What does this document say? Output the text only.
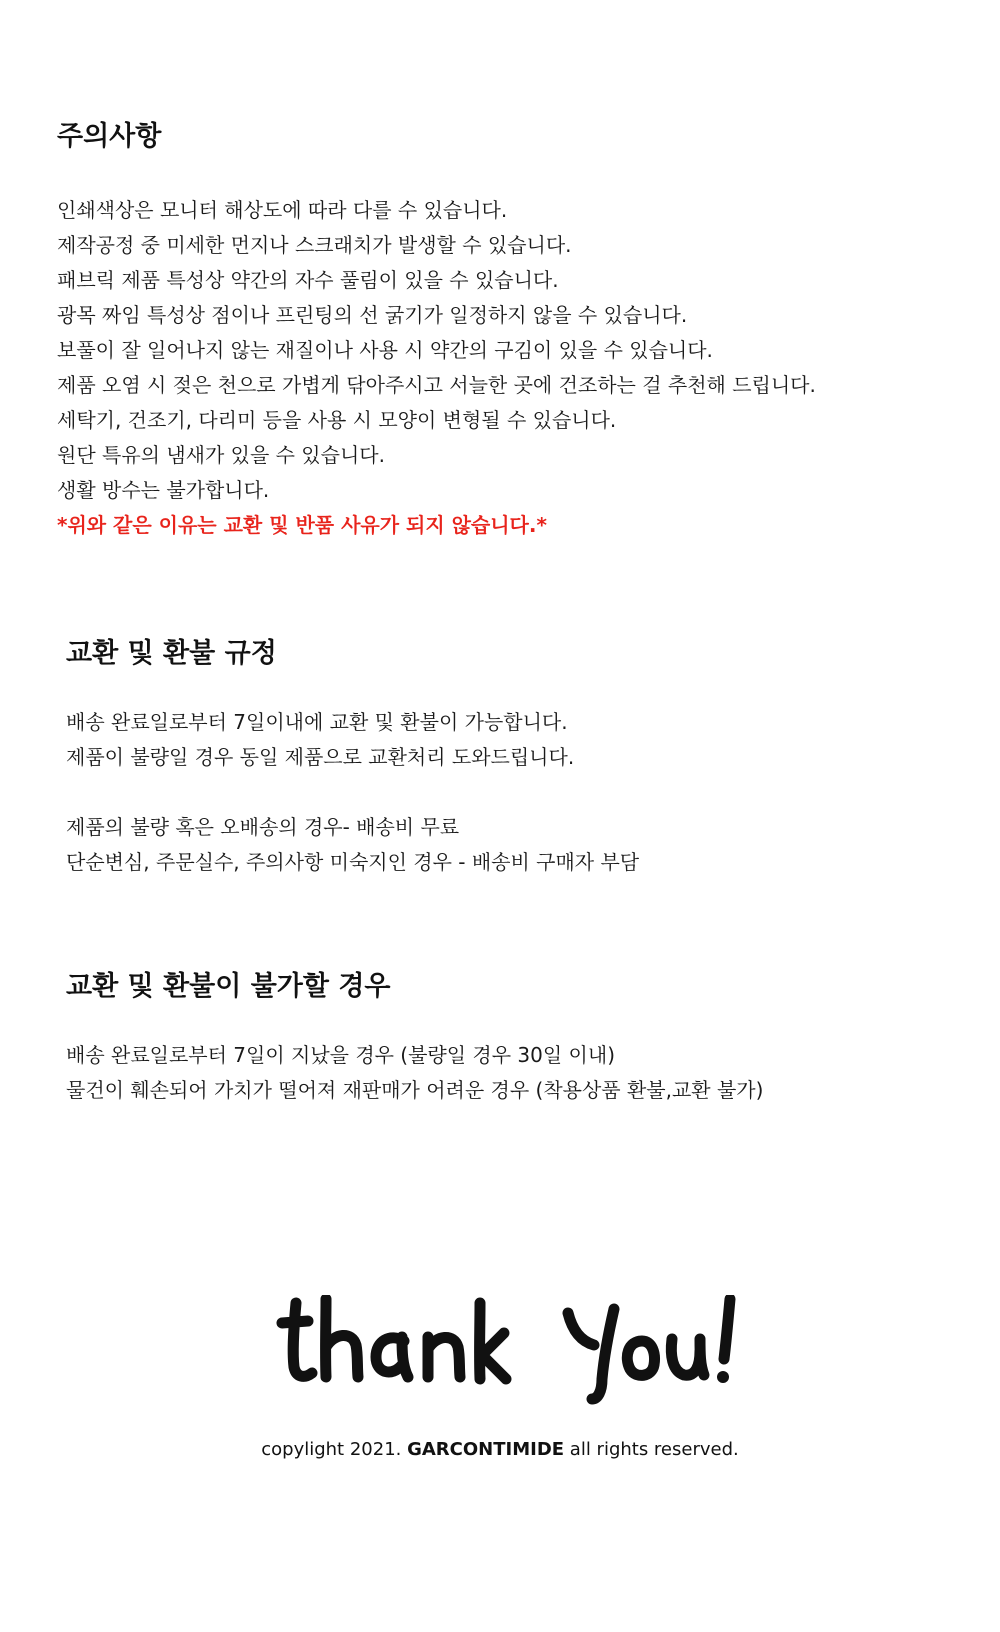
주의사항
인쇄색상은 모니터 해상도에 따라 다를 수 있습니다.
제작공정 중 미세한 먼지나 스크래치가 발생할 수 있습니다.
패브릭 제품 특성상 약간의 자수 풀림이 있을 수 있습니다.
광목 짜임 특성상 점이나 프린팅의 선 굵기가 일정하지 않을 수 있습니다.
보풀이 잘 일어나지 않는 재질이나 사용 시 약간의 구김이 있을 수 있습니다.
제품 오염 시 젖은 천으로 가볍게 닦아주시고 서늘한 곳에 건조하는 걸 추천해 드립니다.
세탁기, 건조기, 다리미 등을 사용 시 모양이 변형될 수 있습니다.
원단 특유의 냄새가 있을 수 있습니다.
생활 방수는 불가합니다.
*위와 같은 이유는 교환 및 반품 사유가 되지 않습니다.*
교환 및 환불 규정
배송 완료일로부터 7일이내에 교환 및 환불이 가능합니다.
제품이 불량일 경우 동일 제품으로 교환처리 도와드립니다.
제품의 불량 혹은 오배송의 경우- 배송비 무료
단순변심, 주문실수, 주의사항 미숙지인 경우 - 배송비 구매자 부담
교환 및 환불이 불가할 경우
배송 완료일로부터 7일이 지났을 경우 (불량일 경우 30일 이내)
물건이 훼손되어 가치가 떨어져 재판매가 어려운 경우 (착용상품 환불,교환 불가)
copylight 2021. GARCONTIMIDE all rights reserved.
